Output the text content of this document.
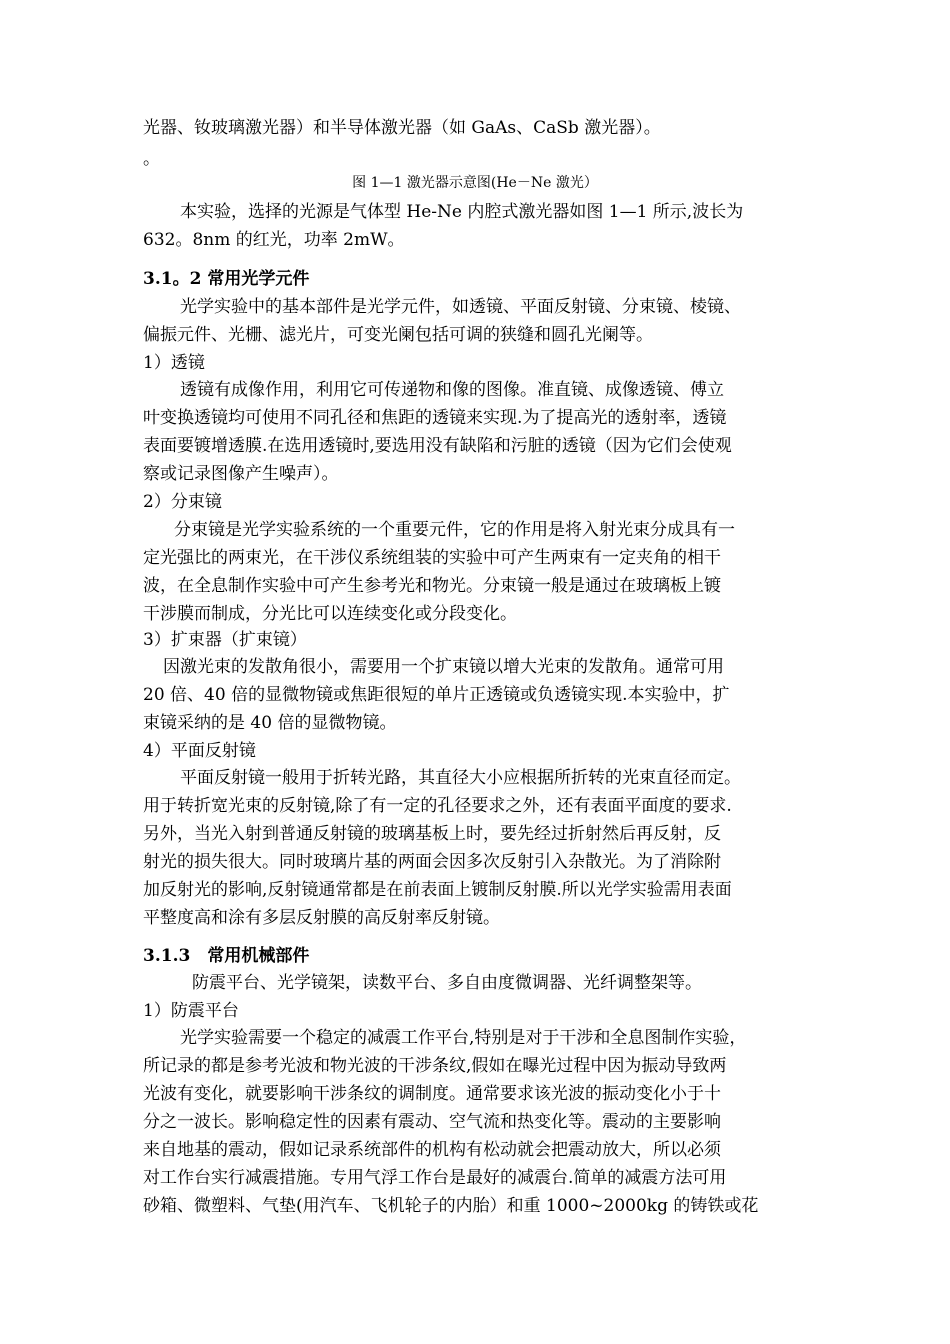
光器、钕玻璃激光器）和半导体激光器（如 GaAs、CaSb 激光器）。
。
图 1—1 激光器示意图(He－Ne 激光）
本实验，选择的光源是气体型 He-Ne 内腔式激光器如图 1—1 所示,波长为
632。8nm 的红光，功率 2mW。
3.1。2 常用光学元件
光学实验中的基本部件是光学元件，如透镜、平面反射镜、分束镜、棱镜、
偏振元件、光栅、滤光片，可变光阑包括可调的狭缝和圆孔光阑等。
1）透镜
透镜有成像作用，利用它可传递物和像的图像。准直镜、成像透镜、傅立
叶变换透镜均可使用不同孔径和焦距的透镜来实现.为了提高光的透射率，透镜
表面要镀增透膜.在选用透镜时,要选用没有缺陷和污脏的透镜（因为它们会使观
察或记录图像产生噪声）。
2）分束镜
分束镜是光学实验系统的一个重要元件，它的作用是将入射光束分成具有一
定光强比的两束光，在干涉仪系统组装的实验中可产生两束有一定夹角的相干
波，在全息制作实验中可产生参考光和物光。分束镜一般是通过在玻璃板上镀
干涉膜而制成，分光比可以连续变化或分段变化。
3）扩束器（扩束镜）
因激光束的发散角很小，需要用一个扩束镜以增大光束的发散角。通常可用
20 倍、40 倍的显微物镜或焦距很短的单片正透镜或负透镜实现.本实验中，扩
束镜采纳的是 40 倍的显微物镜。
4）平面反射镜
平面反射镜一般用于折转光路，其直径大小应根据所折转的光束直径而定。
用于转折宽光束的反射镜,除了有一定的孔径要求之外，还有表面平面度的要求.
另外，当光入射到普通反射镜的玻璃基板上时，要先经过折射然后再反射，反
射光的损失很大。同时玻璃片基的两面会因多次反射引入杂散光。为了消除附
加反射光的影响,反射镜通常都是在前表面上镀制反射膜.所以光学实验需用表面
平整度高和涂有多层反射膜的高反射率反射镜。
3.1.3　常用机械部件
防震平台、光学镜架，读数平台、多自由度微调器、光纤调整架等。
1）防震平台
光学实验需要一个稳定的减震工作平台,特别是对于干涉和全息图制作实验，
所记录的都是参考光波和物光波的干涉条纹,假如在曝光过程中因为振动导致两
光波有变化，就要影响干涉条纹的调制度。通常要求该光波的振动变化小于十
分之一波长。影响稳定性的因素有震动、空气流和热变化等。震动的主要影响
来自地基的震动，假如记录系统部件的机构有松动就会把震动放大，所以必须
对工作台实行减震措施。专用气浮工作台是最好的减震台.简单的减震方法可用
砂箱、微塑料、气垫(用汽车、飞机轮子的内胎）和重 1000~2000kg 的铸铁或花
